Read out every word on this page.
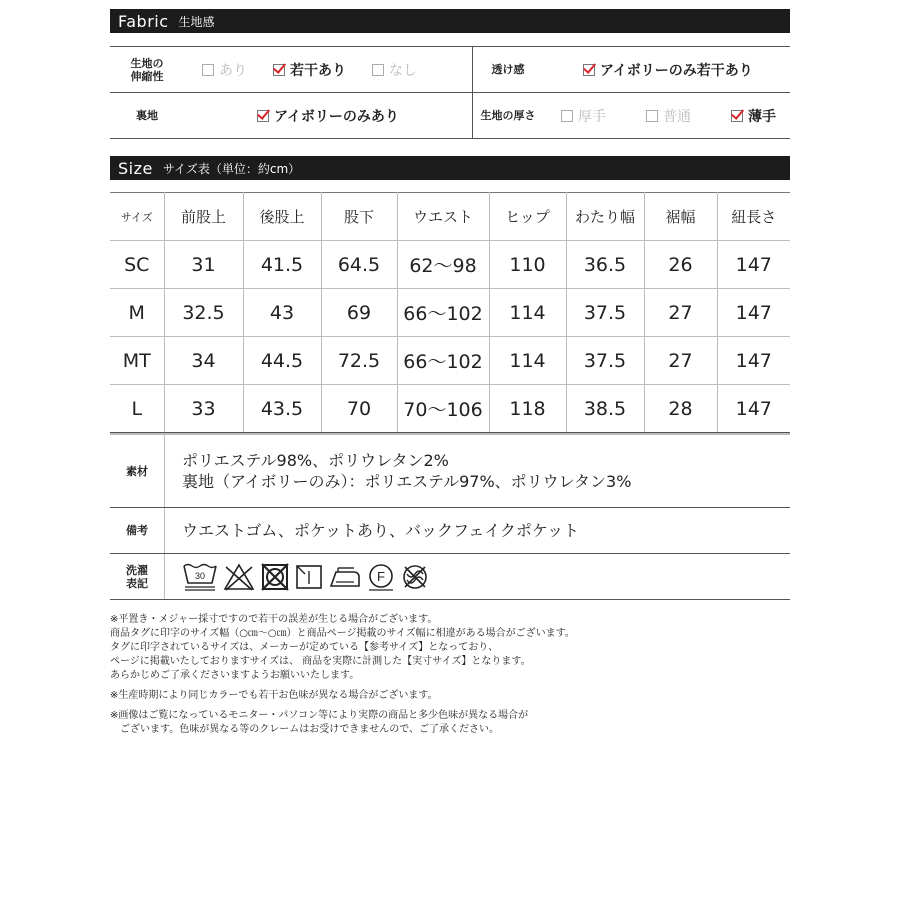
Fabric 生地感
生地の
伸縮性	あり	若干あり	なし	透け感	アイボリーのみ若干あり
裏地	アイボリーのみあり	生地の厚さ	厚手	普通	薄手
Size サイズ表（単位：約cm）
サイズ	前股上	後股上	股下	ウエスト	ヒップ	わたり幅	裾幅	紐長さ
SC	31	41.5	64.5	62〜98	110	36.5	26	147
M	32.5	43	69	66〜102	114	37.5	27	147
MT	34	44.5	72.5	66〜102	114	37.5	27	147
L	33	43.5	70	70〜106	118	38.5	28	147
素材
ポリエステル98%、ポリウレタン2%
裏地（アイボリーのみ）：ポリエステル97%、ポリウレタン3%
備考	ウエストゴム、ポケットあり、バックフェイクポケット
洗濯
表記
30	F

※平置き・メジャー採寸ですので若干の誤差が生じる場合がございます。

商品タグに印字のサイズ幅（○㎝〜○㎝）と商品ページ掲載のサイズ幅に相違がある場合がございます。

タグに印字されているサイズは、メーカーが定めている【参考サイズ】となっており、

ページに掲載いたしておりますサイズは、 商品を実際に計測した【実寸サイズ】となります。

あらかじめご了承くださいますようお願いいたします。

※生産時期により同じカラーでも若干お色味が異なる場合がございます。

※画像はご覧になっているモニター・パソコン等により実際の商品と多少色味が異なる場合が

　ございます。色味が異なる等のクレームはお受けできませんので、ご了承ください。
